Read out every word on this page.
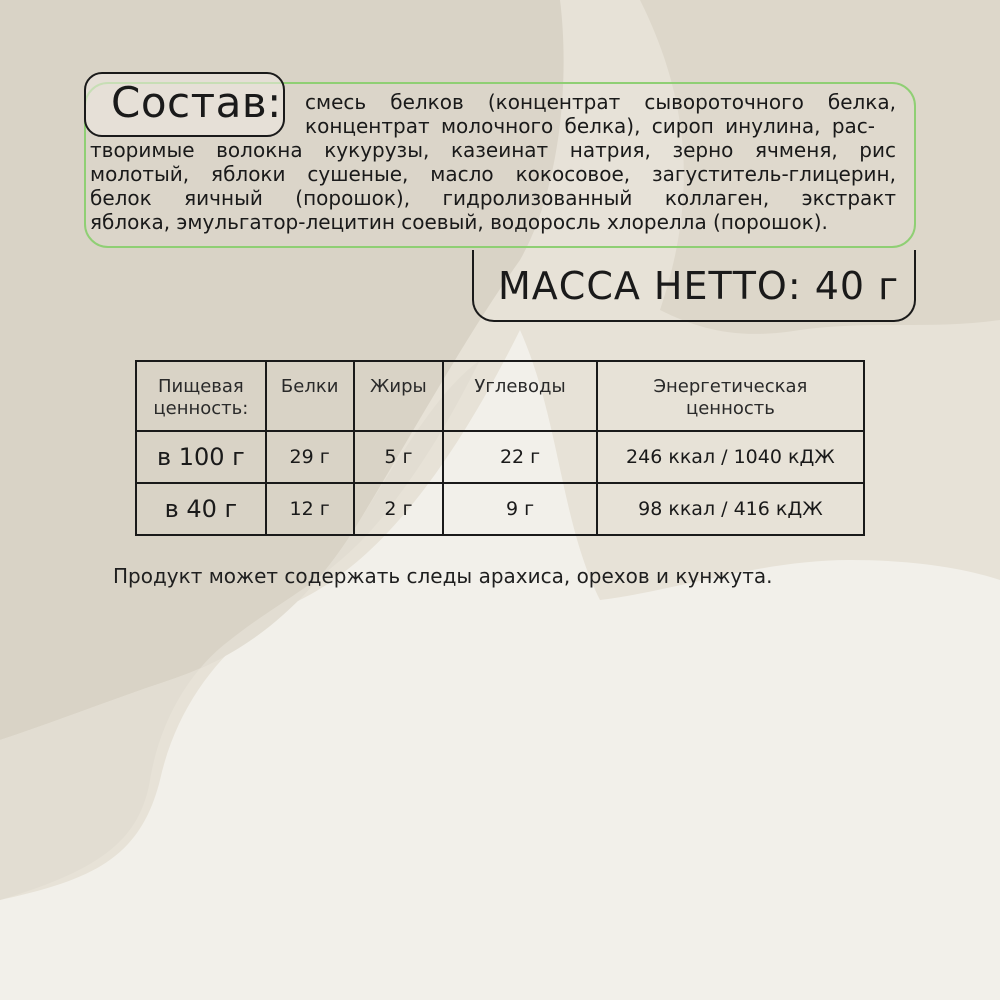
Состав: смесь белков (концентрат сывороточного белка,
концентрат молочного белка), сироп инулина, рас-
творимые волокна кукурузы, казеинат натрия, зерно ячменя, рис
молотый, яблоки сушеные, масло кокосовое, загуститель-глицерин,
белок яичный (порошок), гидролизованный коллаген, экстракт
яблока, эмульгатор-лецитин соевый, водоросль хлорелла (порошок).
МАССА НЕТТО: 40 г
Пищевая
ценность:	Белки	Жиры	Углеводы	Энергетическая
ценность
в 100 г	29 г	5 г	22 г	246 ккал / 1040 кДЖ
в 40 г	12 г	2 г	9 г	98 ккал / 416 кДЖ
Продукт может содержать следы арахиса, орехов и кунжута.
